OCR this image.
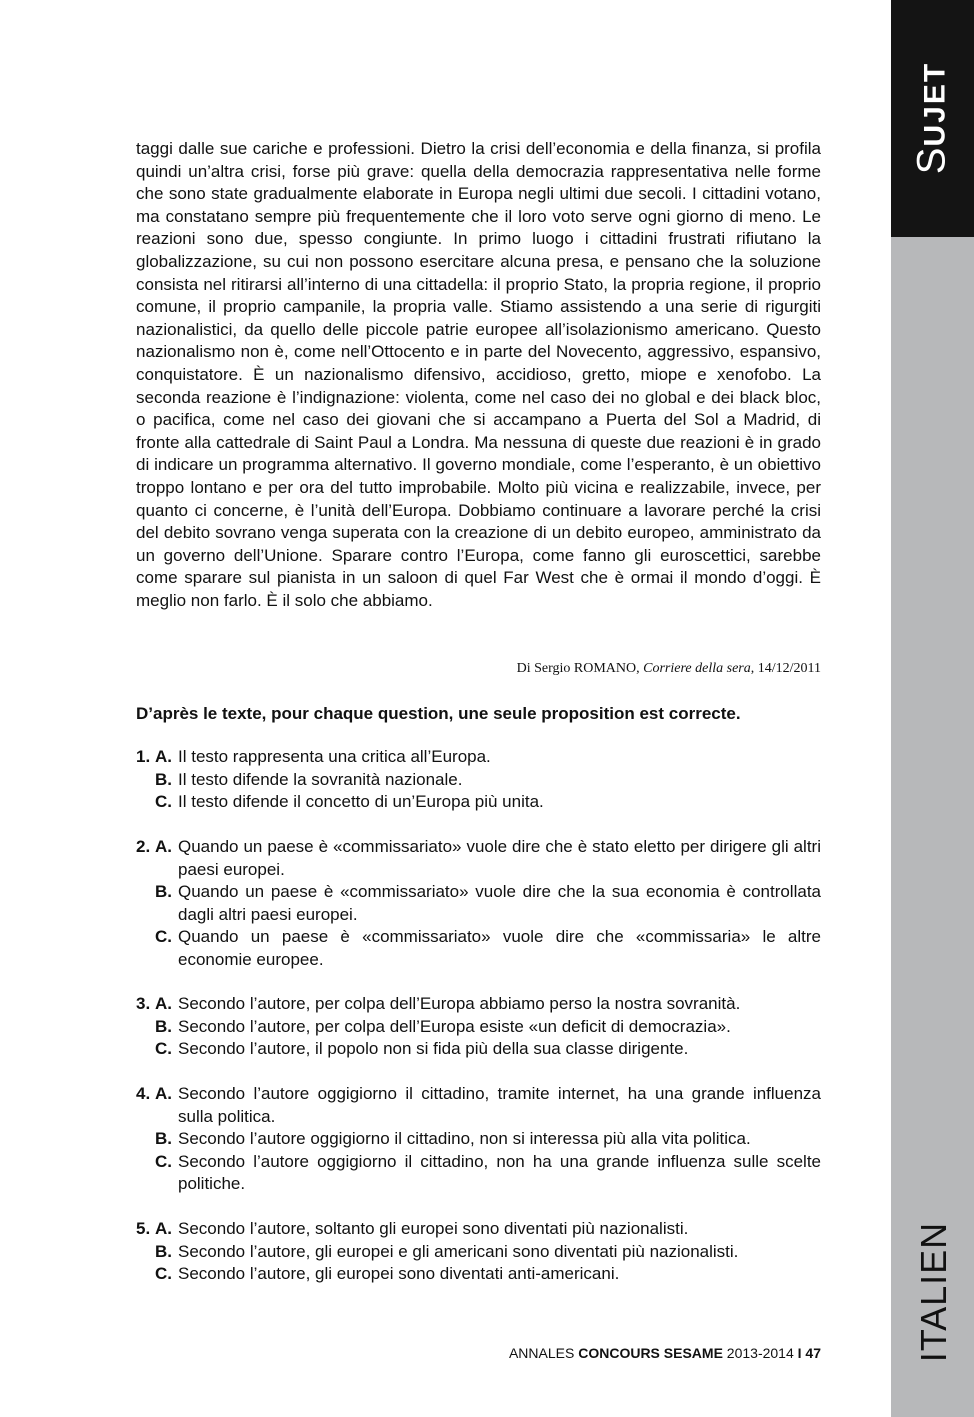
SUJET
ITALIEN

taggi dalle sue cariche e professioni. Dietro la crisi dell’economia e della finanza, si profila quindi un’altra crisi, forse più grave: quella della democrazia rappresentativa nelle forme che sono state gradualmente elaborate in Europa negli ultimi due secoli. I cittadini votano, ma constatano sempre più frequentemente che il loro voto serve ogni giorno di meno. Le reazioni sono due, spesso congiunte. In primo luogo i cittadini frustrati rifiutano la globalizzazione, su cui non possono esercitare alcuna presa, e pensano che la soluzione consista nel ritirarsi all’interno di una cittadella: il proprio Stato, la propria regione, il proprio comune, il proprio campanile, la propria valle. Stiamo assistendo a una serie di rigurgiti nazionalistici, da quello delle piccole patrie europee all’isolazionismo americano. Questo nazionalismo non è, come nell’Ottocento e in parte del Novecento, aggressivo, espansivo, conquistatore. È un nazionalismo difensivo, accidioso, gretto, miope e xenofobo. La seconda reazione è l’indignazione: violenta, come nel caso dei no global e dei black bloc, o pacifica, come nel caso dei giovani che si accampano a Puerta del Sol a Madrid, di fronte alla cattedrale di Saint Paul a Londra. Ma nessuna di queste due reazioni è in grado di indicare un programma alternativo. Il governo mondiale, come l’esperanto, è un obiettivo troppo lontano e per ora del tutto improbabile. Molto più vicina e realizzabile, invece, per quanto ci concerne, è l’unità dell’Europa. Dobbiamo continuare a lavorare perché la crisi del debito sovrano venga superata con la creazione di un debito europeo, amministrato da un governo dell’Unione. Sparare contro l’Europa, come fanno gli euroscettici, sarebbe come sparare sul pianista in un saloon di quel Far West che è ormai il mondo d’oggi. È meglio non farlo. È il solo che abbiamo.

Di Sergio ROMANO, Corriere della sera, 14/12/2011
D’après le texte, pour chaque question, une seule proposition est correcte.
1. A. Il testo rappresenta una critica all’Europa.
B. Il testo difende la sovranità nazionale.
C. Il testo difende il concetto di un’Europa più unita.
2. A. Quando un paese è «commissariato» vuole dire che è stato eletto per dirigere gli altri paesi europei.
B. Quando un paese è «commissariato» vuole dire che la sua economia è controllata dagli altri paesi europei.
C. Quando un paese è «commissariato» vuole dire che «commissaria» le altre economie europee.
3. A. Secondo l’autore, per colpa dell’Europa abbiamo perso la nostra sovranità.
B. Secondo l’autore, per colpa dell’Europa esiste «un deficit di democrazia».
C. Secondo l’autore, il popolo non si fida più della sua classe dirigente.
4. A. Secondo l’autore oggigiorno il cittadino, tramite internet, ha una grande influenza sulla politica.
B. Secondo l’autore oggigiorno il cittadino, non si interessa più alla vita politica.
C. Secondo l’autore oggigiorno il cittadino, non ha una grande influenza sulle scelte politiche.
5. A. Secondo l’autore, soltanto gli europei sono diventati più nazionalisti.
B. Secondo l’autore, gli europei e gli americani sono diventati più nazionalisti.
C. Secondo l’autore, gli europei sono diventati anti-americani.
ANNALES CONCOURS SESAME 2013-2014 I 47
